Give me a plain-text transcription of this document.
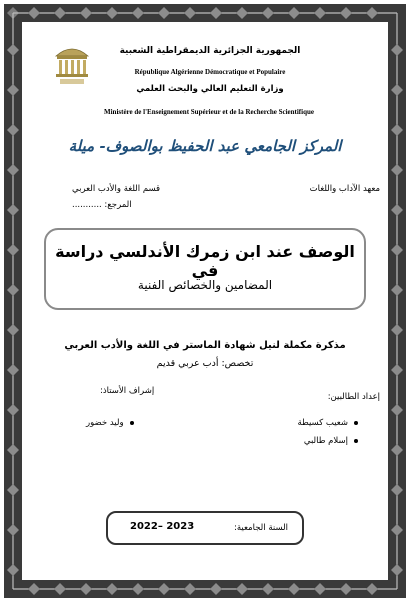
الجمهورية الجزائرية الديمقراطية الشعبية
République Algérienne Démocratique et Populaire
وزارة التعليم العالي والبحث العلمي
Ministère de l'Enseignement Supérieur et de la Recherche Scientifique
المركز الجامعي عبد الحفيظ بوالصوف- ميلة
معهد الآداب واللغات
قسم اللغة والأدب العربي
المرجع: ...........
الوصف عند ابن زمرك الأندلسي دراسة في
المضامين والخصائص الفنية
مذكرة مكملة لنيل شهادة الماستر في اللغة والأدب العربي
تخصص: أدب عربي قديم
إعداد الطالبين:
إشراف الأستاذ:
شعيب كسيطة
إسلام طالبي
وليد خضور
السنة الجامعية:
2022– 2023
